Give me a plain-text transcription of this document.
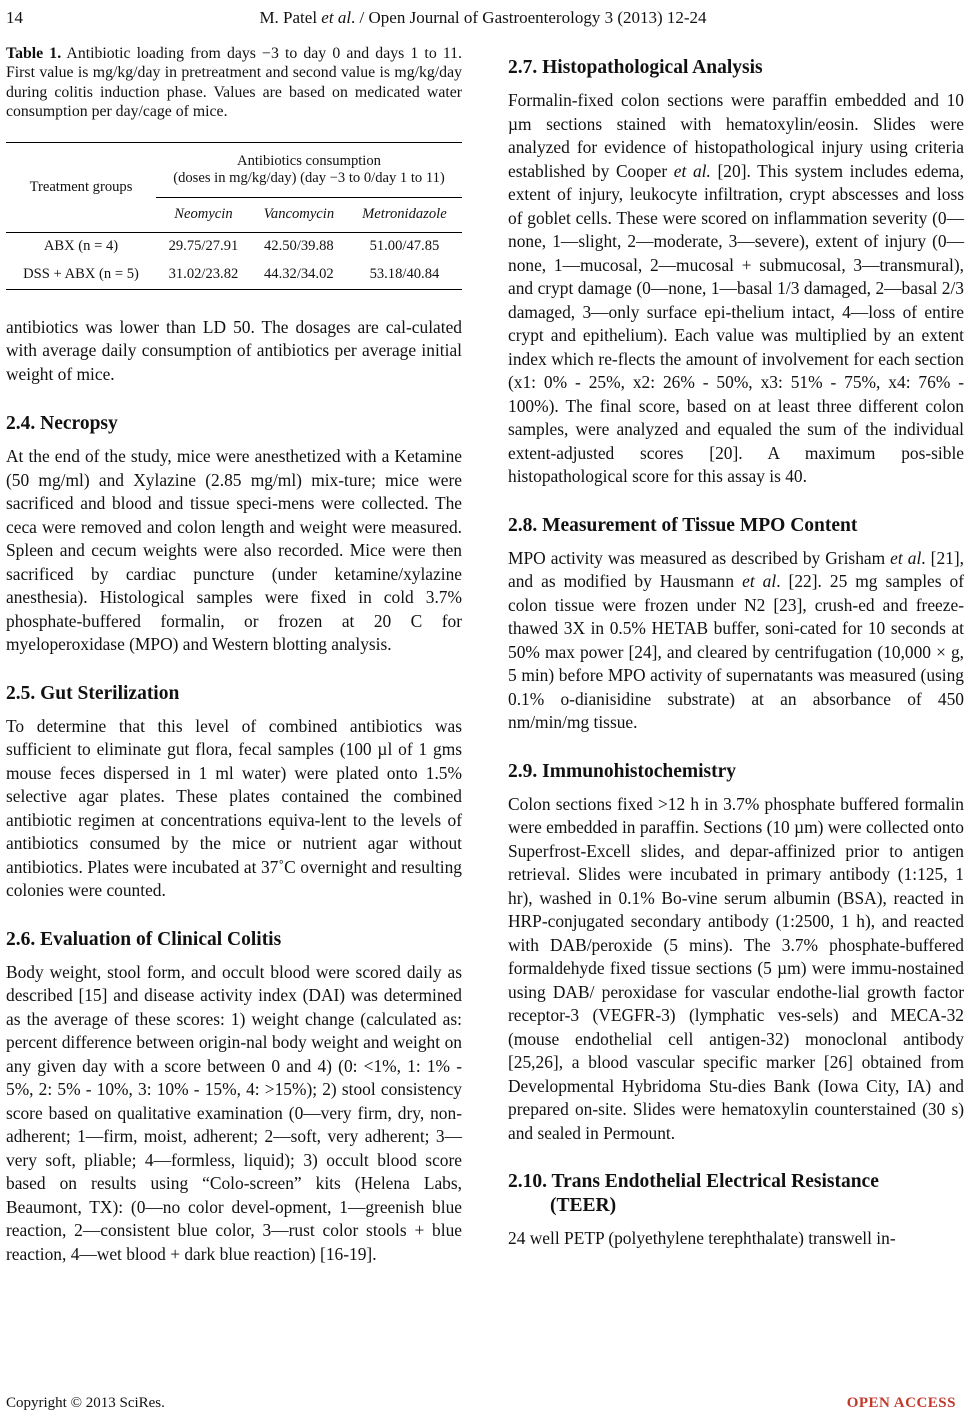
14	M. Patel et al. / Open Journal of Gastroenterology 3 (2013) 12-24

Table 1. Antibiotic loading from days −3 to day 0 and days 1 to 11. First value is mg/kg/day in pretreatment and second value is mg/kg/day during colitis induction phase. Values are based on medicated water consumption per day/cage of mice.

Treatment groups	Antibiotics consumption
(doses in mg/kg/day) (day −3 to 0/day 1 to 11)		

	Neomycin	Vancomycin	Metronidazole
ABX (n = 4)	29.75/27.91	42.50/39.88	51.00/47.85
DSS + ABX (n = 5)	31.02/23.82	44.32/34.02	53.18/40.84

antibiotics was lower than LD 50. The dosages are cal-culated with average daily consumption of antibiotics per average initial weight of mice.

2.4. Necropsy

At the end of the study, mice were anesthetized with a Ketamine (50 mg/ml) and Xylazine (2.85 mg/ml) mix-ture; mice were sacrificed and blood and tissue speci-mens were collected. The ceca were removed and colon length and weight were measured. Spleen and cecum weights were also recorded. Mice were then sacrificed by cardiac puncture (under ketamine/xylazine anesthesia). Histological samples were fixed in cold 3.7% phosphate-buffered formalin, or frozen at 20 C for myeloperoxidase (MPO) and Western blotting analysis.

2.5. Gut Sterilization

To determine that this level of combined antibiotics was sufficient to eliminate gut flora, fecal samples (100 µl of 1 gms mouse feces dispersed in 1 ml water) were plated onto 1.5% selective agar plates. These plates contained the combined antibiotic regimen at concentrations equiva-lent to the levels of antibiotics consumed by the mice or nutrient agar without antibiotics. Plates were incubated at 37˚C overnight and resulting colonies were counted.

2.6. Evaluation of Clinical Colitis

Body weight, stool form, and occult blood were scored daily as described [15] and disease activity index (DAI) was determined as the average of these scores: 1) weight change (calculated as: percent difference between origin-nal body weight and weight on any given day with a score between 0 and 4) (0: <1%, 1: 1% - 5%, 2: 5% - 10%, 3: 10% - 15%, 4: >15%); 2) stool consistency score based on qualitative examination (0—very firm, dry, non-adherent; 1—firm, moist, adherent; 2—soft, very adherent; 3—very soft, pliable; 4—formless, liquid); 3) occult blood score based on results using “Colo-screen” kits (Helena Labs, Beaumont, TX): (0—no color devel-opment, 1—greenish blue reaction, 2—consistent blue color, 3—rust color stools + blue reaction, 4—wet blood + dark blue reaction) [16-19].

2.7. Histopathological Analysis

Formalin-fixed colon sections were paraffin embedded and 10 µm sections stained with hematoxylin/eosin. Slides were analyzed for evidence of histopathological injury using criteria established by Cooper et al. [20]. This system includes edema, extent of injury, leukocyte infiltration, crypt abscesses and loss of goblet cells. These were scored on inflammation severity (0—none, 1—slight, 2—moderate, 3—severe), extent of injury (0—none, 1—mucosal, 2—mucosal + submucosal, 3—transmural), and crypt damage (0—none, 1—basal 1/3 damaged, 2—basal 2/3 damaged, 3—only surface epi-thelium intact, 4—loss of entire crypt and epithelium). Each value was multiplied by an extent index which re-flects the amount of involvement for each section (x1: 0% - 25%, x2: 26% - 50%, x3: 51% - 75%, x4: 76% - 100%). The final score, based on at least three different colon samples, were analyzed and equaled the sum of the individual extent-adjusted scores [20]. A maximum pos-sible histopathological score for this assay is 40.

2.8. Measurement of Tissue MPO Content

MPO activity was measured as described by Grisham et al. [21], and as modified by Hausmann et al. [22]. 25 mg samples of colon tissue were frozen under N2 [23], crush-ed and freeze-thawed 3X in 0.5% HETAB buffer, soni-cated for 10 seconds at 50% max power [24], and cleared by centrifugation (10,000 × g, 5 min) before MPO activity of supernatants was measured (using 0.1% o-dianisidine substrate) at an absorbance of 450 nm/min/mg tissue.

2.9. Immunohistochemistry

Colon sections fixed >12 h in 3.7% phosphate buffered formalin were embedded in paraffin. Sections (10 µm) were collected onto Superfrost-Excell slides, and depar-affinized prior to antigen retrieval. Slides were incubated in primary antibody (1:125, 1 hr), washed in 0.1% Bo-vine serum albumin (BSA), reacted in HRP-conjugated secondary antibody (1:2500, 1 h), and reacted with DAB/peroxide (5 mins). The 3.7% phosphate-buffered formaldehyde fixed tissue sections (5 µm) were immu-nostained using DAB/ peroxidase for vascular endothe-lial growth factor receptor-3 (VEGFR-3) (lymphatic ves-sels) and MECA-32 (mouse endothelial cell antigen-32) monoclonal antibody [25,26], a blood vascular specific marker [26] obtained from Developmental Hybridoma Stu-dies Bank (Iowa City, IA) and prepared on-site. Slides were hematoxylin counterstained (30 s) and sealed in Permount.

2.10. Trans Endothelial Electrical Resistance
(TEER)

24 well PETP (polyethylene terephthalate) transwell in-

Copyright © 2013 SciRes.	OPEN ACCESS
